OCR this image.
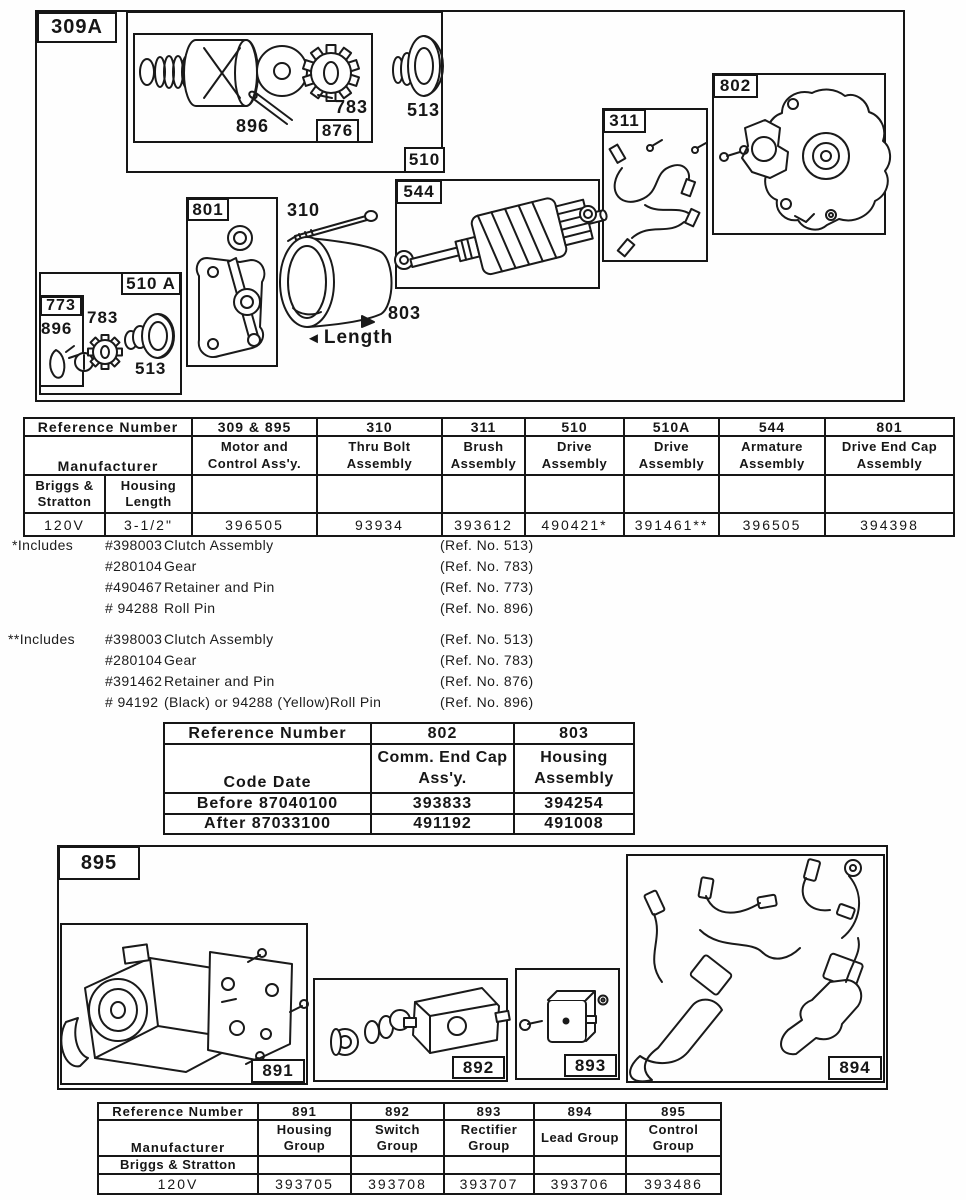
309A
510
876
544
311
802
801
510 A
773
896
783 513
310
803
◄ Length
896
783
513
Reference Number		309 & 895	310	311	510	510A	544	801
Manufacturer		Motor and Control Ass'y.	Thru Bolt Assembly	Brush Assembly	Drive Assembly	Drive Assembly	Armature Assembly	Drive End Cap Assembly
Briggs & Stratton	Housing Length							
120V	3-1/2"	396505	93934	393612	490421*	391461**	396505	394398
*Includes #398003 Clutch Assembly	(Ref. No. 513)
#280104 Gear	(Ref. No. 783)
#490467 Retainer and Pin	(Ref. No. 773)
# 94288 Roll Pin	(Ref. No. 896)
**Includes #398003 Clutch Assembly	(Ref. No. 513)
#280104 Gear	(Ref. No. 783)
#391462 Retainer and Pin	(Ref. No. 876)
# 94192 (Black) or 94288 (Yellow)Roll Pin	(Ref. No. 896)
Reference Number	802	803
Code Date	Comm. End Cap Ass'y.	Housing Assembly
Before 87040100	393833	394254
After 87033100	491192	491008
895
891	892	893	894
Reference Number	891	892	893	894	895
Manufacturer	Housing Group	Switch Group	Rectifier Group	Lead Group	Control Group
Briggs & Stratton					
120V	393705	393708	393707	393706	393486
